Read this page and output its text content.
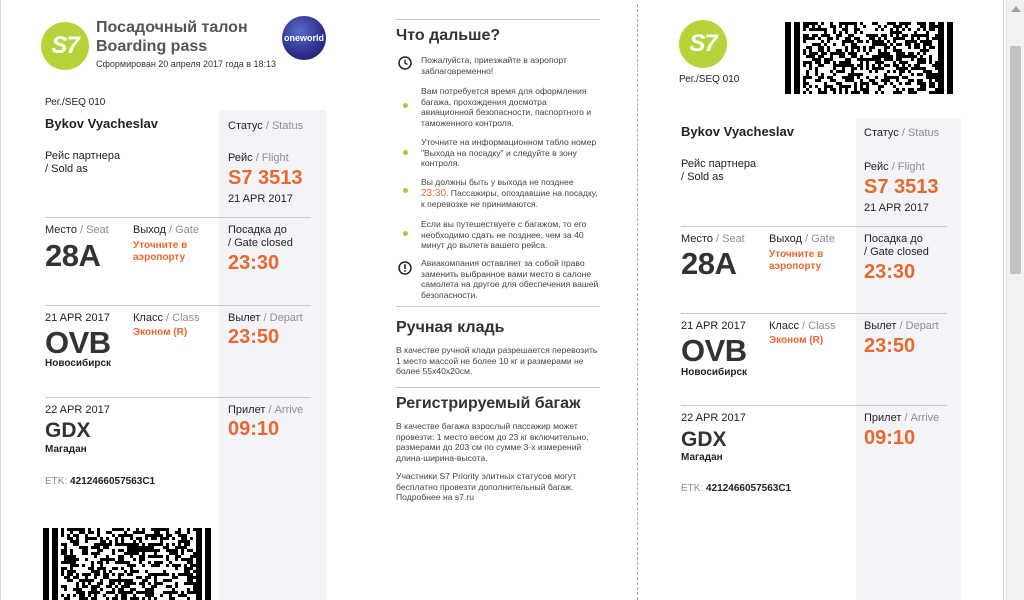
S7
Посадочный талон
Boarding pass
Сформирован 20 апреля 2017 года в 18:13
oneworld
Рег./SEQ 010
Bykov Vyacheslav	Статус / Status
Рейс партнера
/ Sold as
Рейс / Flight
S7 3513
21 APR 2017
Место / Seat
28A
Выход / Gate
Уточните в аэропорту
Посадка до
/ Gate closed
23:30
21 APR 2017
OVB
Новосибирск
Класс / Class
Эконом (R)
Вылет / Depart
23:50
22 APR 2017
GDX
Магадан
Прилет / Arrive
09:10
ETK: 4212466057563C1
Что дальше?
Пожалуйста, приезжайте в аэропорт заблаговременно!
Вам потребуется время для оформления багажа, прохождения досмотра авиационной безопасности, паспортного и таможенного контроля.
Уточните на информационном табло номер "Выхода на посадку" и следуйте в зону контроля.
Вы должны быть у выхода не позднее 23:30. Пассажиры, опоздавшие на посадку, к перевозке не принимаются.
Если вы путешествуете с багажом, то его необходимо сдать не позднее, чем за 40 минут до вылета вашего рейса.
Авиакомпания оставляет за собой право заменить выбранное вами место в салоне самолета на другое для обеспечения вашей безопасности.
Ручная кладь
В качестве ручной клади разрешается перевозить 1 место массой не более 10 кг и размерами не более 55х40х20см.
Регистрируемый багаж
В качестве багажа взрослый пассажир может провезти: 1 место весом до 23 кг включительно, размерами до 203 см по сумме 3-х измерений длина-ширина-высота.
Участники S7 Priority элитных статусов могут бесплатно провезти дополнительный багаж. Подробнее на s7.ru
S7
Рег./SEQ 010
Bykov Vyacheslav	Статус / Status
Рейс партнера
/ Sold as
Рейс / Flight
S7 3513
21 APR 2017
Место / Seat
28A
Выход / Gate
Уточните в аэропорту
Посадка до
/ Gate closed
23:30
21 APR 2017
OVB
Новосибирск
Класс / Class
Эконом (R)
Вылет / Depart
23:50
22 APR 2017
GDX
Магадан
Прилет / Arrive
09:10
ETK: 4212466057563C1
